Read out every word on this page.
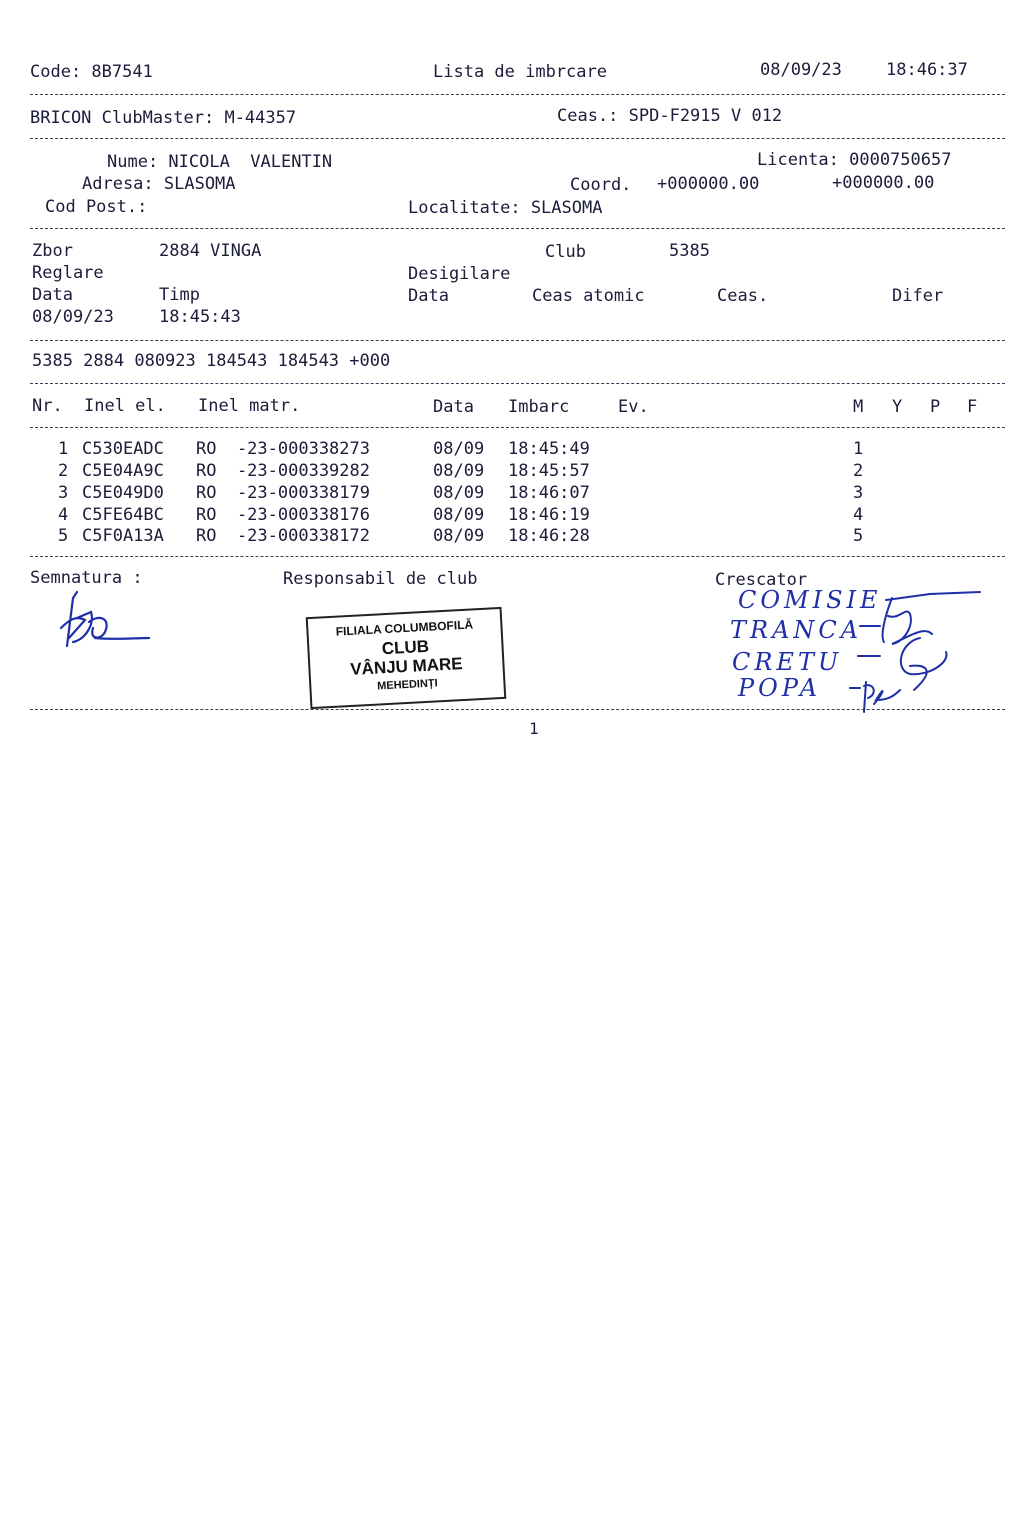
Code: 8B7541	Lista de imbrcare	08/09/23	18:46:37
BRICON ClubMaster: M-44357	Ceas.: SPD-F2915 V 012
Nume: NICOLA  VALENTIN	Licenta: 0000750657
Adresa: SLASOMA	Coord. +000000.00	+000000.00
Cod Post.:	Localitate: SLASOMA
Zbor	2884 VINGA	Club	5385
Reglare	Desigilare
Data	Timp	Data	Ceas atomic	Ceas.	Difer
08/09/23	18:45:43
5385 2884 080923 184543 184543 +000
Nr. Inel el. Inel matr.	Data Imbarc	Ev.	M Y P F
1 C530EADC RO  -23-000338273	08/09 18:45:49	1
2 C5E04A9C RO  -23-000339282	08/09 18:45:57	2
3 C5E049D0 RO  -23-000338179	08/09 18:46:07	3
4 C5FE64BC RO  -23-000338176	08/09 18:46:19	4
5 C5F0A13A RO  -23-000338172	08/09 18:46:28	5
Semnatura :	Responsabil de club	Crescator
FILIALA COLUMBOFILĂ
CLUB
VÂNJU MARE
MEHEDINȚI
COMISIE
TRANCA
CRETU
POPA
1
